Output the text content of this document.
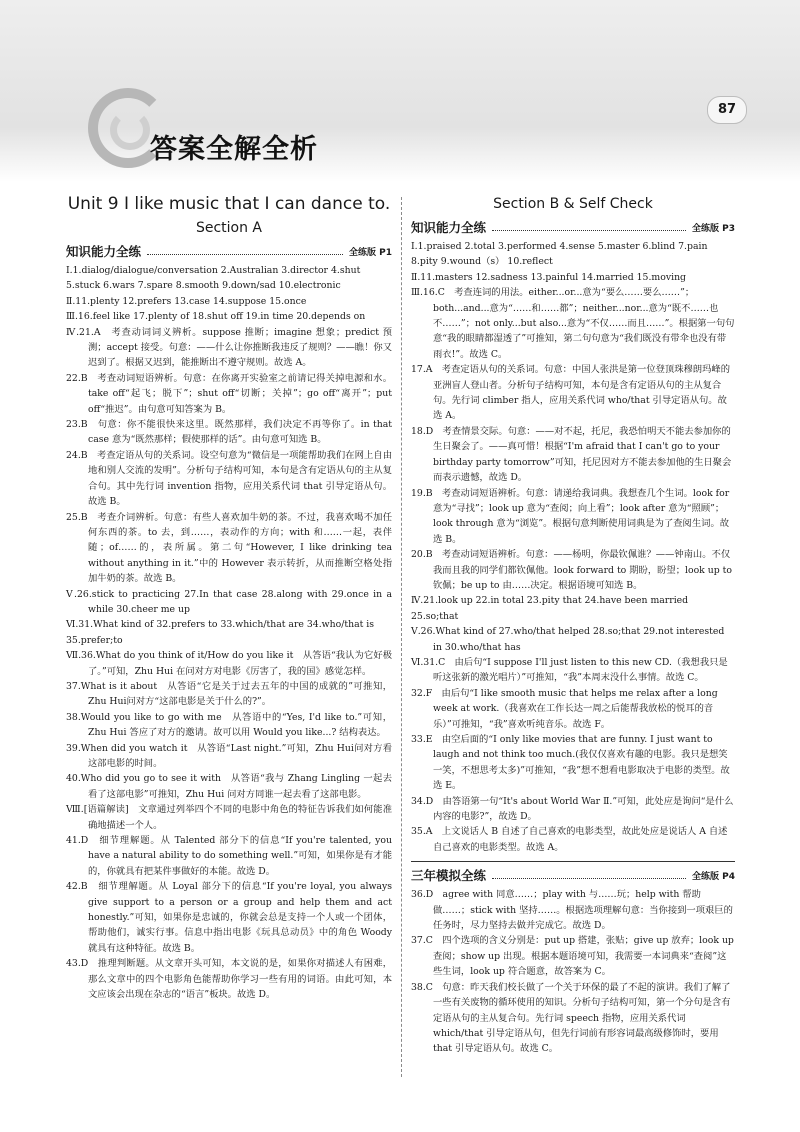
87
答案全解全析
Unit 9 I like music that I can dance to.
Section A
知识能力全练	全练版 P1

Ⅰ.1.dialog/dialogue/conversation 2.Australian 3.director 4.shut

5.stuck 6.wars 7.spare 8.smooth 9.down/sad 10.electronic

Ⅱ.11.plenty 12.prefers 13.case 14.suppose 15.once

Ⅲ.16.feel like 17.plenty of 18.shut off 19.in time 20.depends on

Ⅳ.21.A　考查动词词义辨析。suppose 推断；imagine 想象；predict 预测；accept 接受。句意：——什么让你推断我违反了规则？——瞧！你又迟到了。根据又迟到，能推断出不遵守规则。故选 A。

22.B　考查动词短语辨析。句意：在你离开实验室之前请记得关掉电源和水。take off“起飞；脱下”；shut off“切断；关掉”；go off“离开”；put off“推迟”。由句意可知答案为 B。

23.B　句意：你不能很快来这里。既然那样，我们决定不再等你了。in that case 意为“既然那样；假使那样的话”。由句意可知选 B。

24.B　考查定语从句的关系词。设空句意为“微信是一项能帮助我们在网上自由地和别人交流的发明”。分析句子结构可知，本句是含有定语从句的主从复合句。其中先行词 invention 指物，应用关系代词 that 引导定语从句。故选 B。

25.B　考查介词辨析。句意：有些人喜欢加牛奶的茶。不过，我喜欢喝不加任何东西的茶。to 去，到……，表动作的方向；with 和……一起，表伴随；of……的，表所属。第二句“However, I like drinking tea without anything in it.”中的 However 表示转折，从而推断空格处指加牛奶的茶。故选 B。

Ⅴ.26.stick to practicing 27.In that case 28.along with 29.once in a while 30.cheer me up

Ⅵ.31.What kind of 32.prefers to 33.which/that are 34.who/that is

35.prefer;to

Ⅶ.36.What do you think of it/How do you like it　从答语“我认为它好极了。”可知，Zhu Hui 在问对方对电影《厉害了，我的国》感觉怎样。

37.What is it about　从答语“它是关于过去五年的中国的成就的”可推知，Zhu Hui问对方“这部电影是关于什么的?”。

38.Would you like to go with me　从答语中的“Yes, I'd like to.”可知，Zhu Hui 答应了对方的邀请。故可以用 Would you like...? 结构表达。

39.When did you watch it　从答语“Last night.”可知，Zhu Hui问对方看这部电影的时间。

40.Who did you go to see it with　从答语“我与 Zhang Lingling 一起去看了这部电影”可推知，Zhu Hui 问对方同谁一起去看了这部电影。

Ⅷ.[语篇解读]　文章通过列举四个不同的电影中角色的特征告诉我们如何能准确地描述一个人。

41.D　细节理解题。从 Talented 部分下的信息“If you're talented, you have a natural ability to do something well.”可知，如果你是有才能的，你就具有把某件事做好的本能。故选 D。

42.B　细节理解题。从 Loyal 部分下的信息“If you're loyal, you always give support to a person or a group and help them and act honestly.”可知，如果你是忠诚的，你就会总是支持一个人或一个团体，帮助他们，诚实行事。信息中指出电影《玩具总动员》中的角色 Woody 就具有这种特征。故选 B。

43.D　推理判断题。从文章开头可知，本文说的是，如果你对描述人有困难，那么文章中的四个电影角色能帮助你学习一些有用的词语。由此可知，本文应该会出现在杂志的“语言”板块。故选 D。

Section B & Self Check
知识能力全练	全练版 P3

Ⅰ.1.praised 2.total 3.performed 4.sense 5.master 6.blind 7.pain

8.pity 9.wound（s） 10.reflect

Ⅱ.11.masters 12.sadness 13.painful 14.married 15.moving

Ⅲ.16.C　考查连词的用法。either...or...意为“要么……要么……”；both...and...意为“……和……都”；neither...nor...意为“既不……也不……”；not only...but also...意为“不仅……而且……”。根据第一句句意“我的眼睛都湿透了”可推知，第二句句意为“我们既没有带伞也没有带雨衣!”。故选 C。

17.A　考查定语从句的关系词。句意：中国人张洪是第一位登顶珠穆朗玛峰的亚洲盲人登山者。分析句子结构可知，本句是含有定语从句的主从复合句。先行词 climber 指人，应用关系代词 who/that 引导定语从句。故选 A。

18.D　考查情景交际。句意：——对不起，托尼，我恐怕明天不能去参加你的生日聚会了。——真可惜！根据“I'm afraid that I can't go to your birthday party tomorrow”可知，托尼因对方不能去参加他的生日聚会而表示遗憾，故选 D。

19.B　考查动词短语辨析。句意：请递给我词典。我想查几个生词。look for 意为“寻找”；look up 意为“查阅；向上看”；look after 意为“照顾”；look through 意为“浏览”。根据句意判断使用词典是为了查阅生词。故选 B。

20.B　考查动词短语辨析。句意：——杨明，你最钦佩谁？——钟南山。不仅我而且我的同学们都钦佩他。look forward to 期盼，盼望；look up to 钦佩；be up to 由……决定。根据语境可知选 B。

Ⅳ.21.look up 22.in total 23.pity that 24.have been married

25.so;that

Ⅴ.26.What kind of 27.who/that helped 28.so;that 29.not interested in 30.who/that has

Ⅵ.31.C　由后句“I suppose I'll just listen to this new CD.（我想我只是听这张新的激光唱片）”可推知，“我”本周末没什么事情。故选 C。

32.F　由后句“I like smooth music that helps me relax after a long week at work.（我喜欢在工作长达一周之后能帮我放松的悦耳的音乐）”可推知，“我”喜欢听纯音乐。故选 F。

33.E　由空后面的“I only like movies that are funny. I just want to laugh and not think too much.(我仅仅喜欢有趣的电影。我只是想笑一笑，不想思考太多)”可推知，“我”想不想看电影取决于电影的类型。故选 E。

34.D　由答语第一句“It's about World War Ⅱ.”可知，此处应是询问“是什么内容的电影?”，故选 D。

35.A　上文说话人 B 自述了自己喜欢的电影类型，故此处应是说话人 A 自述自己喜欢的电影类型。故选 A。

三年模拟全练	全练版 P4

36.D　agree with 同意……；play with 与……玩；help with 帮助做……；stick with 坚持……。根据选项理解句意：当你接到一项艰巨的任务时，尽力坚持去做并完成它。故选 D。

37.C　四个选项的含义分别是：put up 搭建，张贴；give up 放弃；look up 查阅；show up 出现。根据本题语境可知，我需要一本词典来“查阅”这些生词，look up 符合题意，故答案为 C。

38.C　句意：昨天我们校长做了一个关于环保的最了不起的演讲。我们了解了一些有关废物的循环使用的知识。分析句子结构可知，第一个分句是含有定语从句的主从复合句。先行词 speech 指物，应用关系代词 which/that 引导定语从句，但先行词前有形容词最高级修饰时，要用 that 引导定语从句。故选 C。
